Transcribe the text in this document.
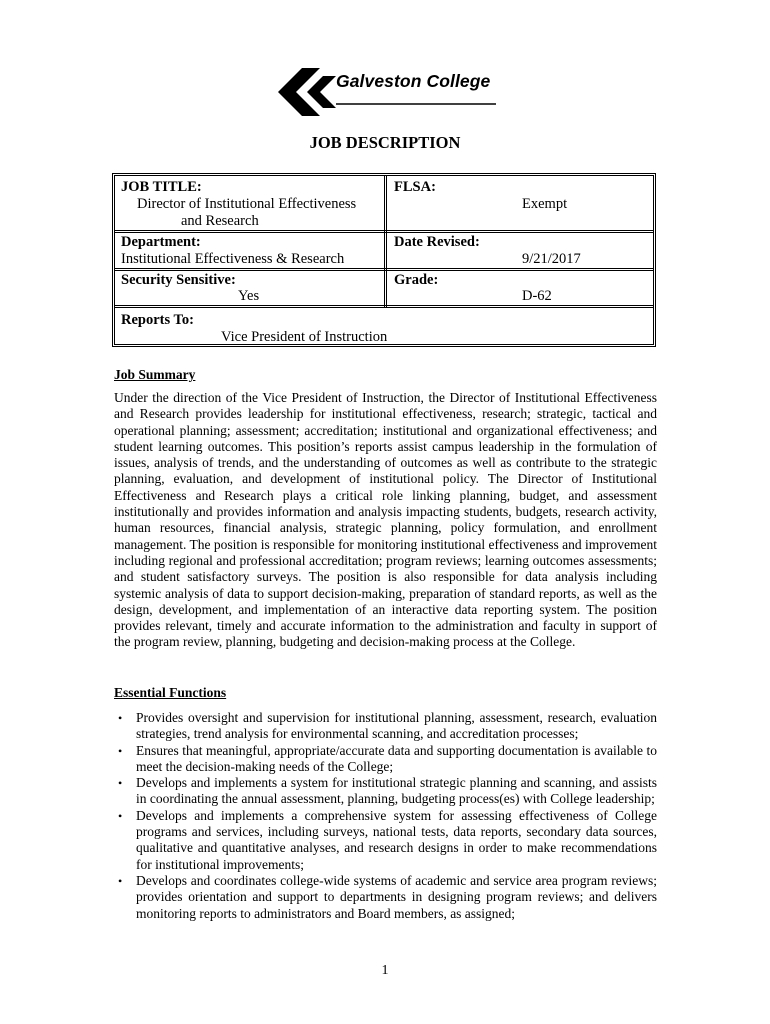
Galveston College
JOB DESCRIPTION
JOB TITLE:
Director of Institutional Effectiveness
and Research
FLSA:
Exempt
Department:
Institutional Effectiveness & Research
Date Revised:
9/21/2017
Security Sensitive:
Yes
Grade:
D-62
Reports To:
Vice President of Instruction
Job Summary

Under the direction of the Vice President of Instruction, the Director of Institutional Effectiveness and Research provides leadership for institutional effectiveness, research; strategic, tactical and operational planning; assessment; accreditation; institutional and organizational effectiveness; and student learning outcomes. This position’s reports assist campus leadership in the formulation of issues, analysis of trends, and the understanding of outcomes as well as contribute to the strategic planning, evaluation, and development of institutional policy. The Director of Institutional Effectiveness and Research plays a critical role linking planning, budget, and assessment institutionally and provides information and analysis impacting students, budgets, research activity, human resources, financial analysis, strategic planning, policy formulation, and enrollment management. The position is responsible for monitoring institutional effectiveness and improvement including regional and professional accreditation; program reviews; learning outcomes assessments; and student satisfactory surveys. The position is also responsible for data analysis including systemic analysis of data to support decision-making, preparation of standard reports, as well as the design, development, and implementation of an interactive data reporting system. The position provides relevant, timely and accurate information to the administration and faculty in support of the program review, planning, budgeting and decision-making process at the College.

Essential Functions
• Provides oversight and supervision for institutional planning, assessment, research, evaluation strategies, trend analysis for environmental scanning, and accreditation processes;
• Ensures that meaningful, appropriate/accurate data and supporting documentation is available to meet the decision-making needs of the College;
• Develops and implements a system for institutional strategic planning and scanning, and assists in coordinating the annual assessment, planning, budgeting process(es) with College leadership;
• Develops and implements a comprehensive system for assessing effectiveness of College programs and services, including surveys, national tests, data reports, secondary data sources, qualitative and quantitative analyses, and research designs in order to make recommendations for institutional improvements;
• Develops and coordinates college-wide systems of academic and service area program reviews; provides orientation and support to departments in designing program reviews; and delivers monitoring reports to administrators and Board members, as assigned;
1
